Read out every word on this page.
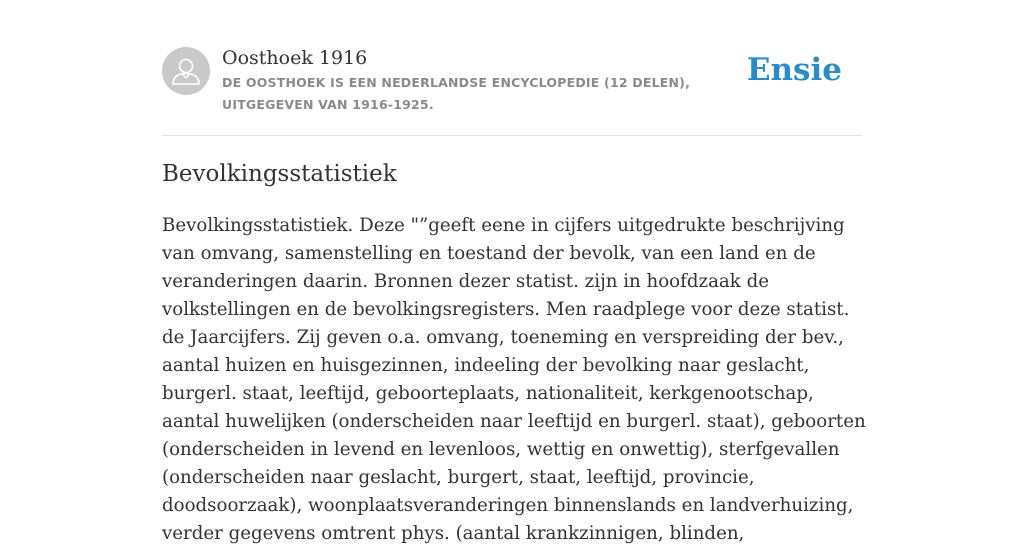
Oosthoek 1916

DE OOSTHOEK IS EEN NEDERLANDSE ENCYCLOPEDIE (12 DELEN), UITGEGEVEN VAN 1916-1925.

Ensie
Bevolkingsstatistiek

Bevolkingsstatistiek. Deze "”geeft eene in cijfers uitgedrukte beschrijving van omvang, samenstelling en toestand der bevolk, van een land en de veranderingen daarin. Bronnen dezer statist. zijn in hoofdzaak de volkstellingen en de bevolkingsregisters. Men raadplege voor deze statist. de Jaarcijfers. Zij geven o.a. omvang, toeneming en verspreiding der bev., aantal huizen en huisgezinnen, indeeling der bevolking naar geslacht, burgerl. staat, leeftijd, geboorteplaats, nationaliteit, kerkgenootschap, aantal huwelijken (onderscheiden naar leeftijd en burgerl. staat), geboorten (onderscheiden in levend en levenloos, wettig en onwettig), sterfgevallen (onderscheiden naar geslacht, burgert, staat, leeftijd, provincie, doodsoorzaak), woonplaatsveranderingen binnenslands en landverhuizing, verder gegevens omtrent phys. (aantal krankzinnigen, blinden,
